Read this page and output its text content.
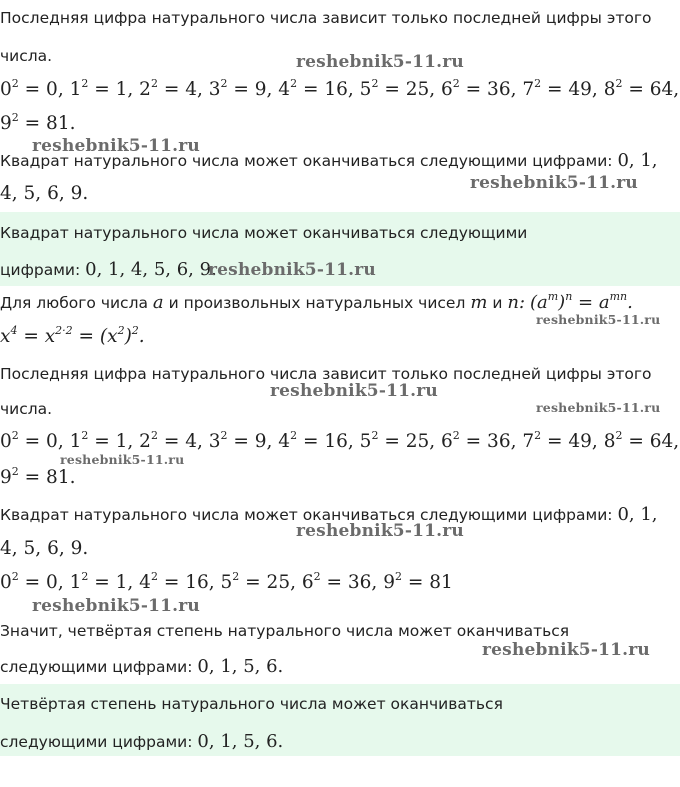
Последняя цифра натурального числа зависит только последней цифры этого
числа.	reshebnik5-11.ru
$0^2 = 0$, $1^2 = 1$, $2^2 = 4$, $3^2 = 9$, $4^2 = 16$, $5^2 = 25$, $6^2 = 36$, $7^2 = 49$, $8^2 = 64$,
$9^2 = 81$.
reshebnik5-11.ru
Квадрат натурального числа может оканчиваться следующими цифрами: 0, 1,
reshebnik5-11.ru
4, 5, 6, 9.
Квадрат натурального числа может оканчиваться следующими
цифрами: 0, 1, 4, 5, 6, 9.
reshebnik5-11.ru
Для любого числа a и произвольных натуральных чисел m и n: $(a^m)^n = a^{mn}$.
reshebnik5-11.ru
$x^4 = x^{2\cdot 2} = (x^2)^2$.
Последняя цифра натурального числа зависит только последней цифры этого
reshebnik5-11.ru
числа.	reshebnik5-11.ru
$0^2 = 0$, $1^2 = 1$, $2^2 = 4$, $3^2 = 9$, $4^2 = 16$, $5^2 = 25$, $6^2 = 36$, $7^2 = 49$, $8^2 = 64$,
reshebnik5-11.ru
$9^2 = 81$.
Квадрат натурального числа может оканчиваться следующими цифрами: 0, 1,
reshebnik5-11.ru
4, 5, 6, 9.
$0^2 = 0$, $1^2 = 1$, $4^2 = 16$, $5^2 = 25$, $6^2 = 36$, $9^2 = 81$
reshebnik5-11.ru
Значит, четвёртая степень натурального числа может оканчиваться
reshebnik5-11.ru
следующими цифрами: 0, 1, 5, 6.
Четвёртая степень натурального числа может оканчиваться
следующими цифрами: 0, 1, 5, 6.
